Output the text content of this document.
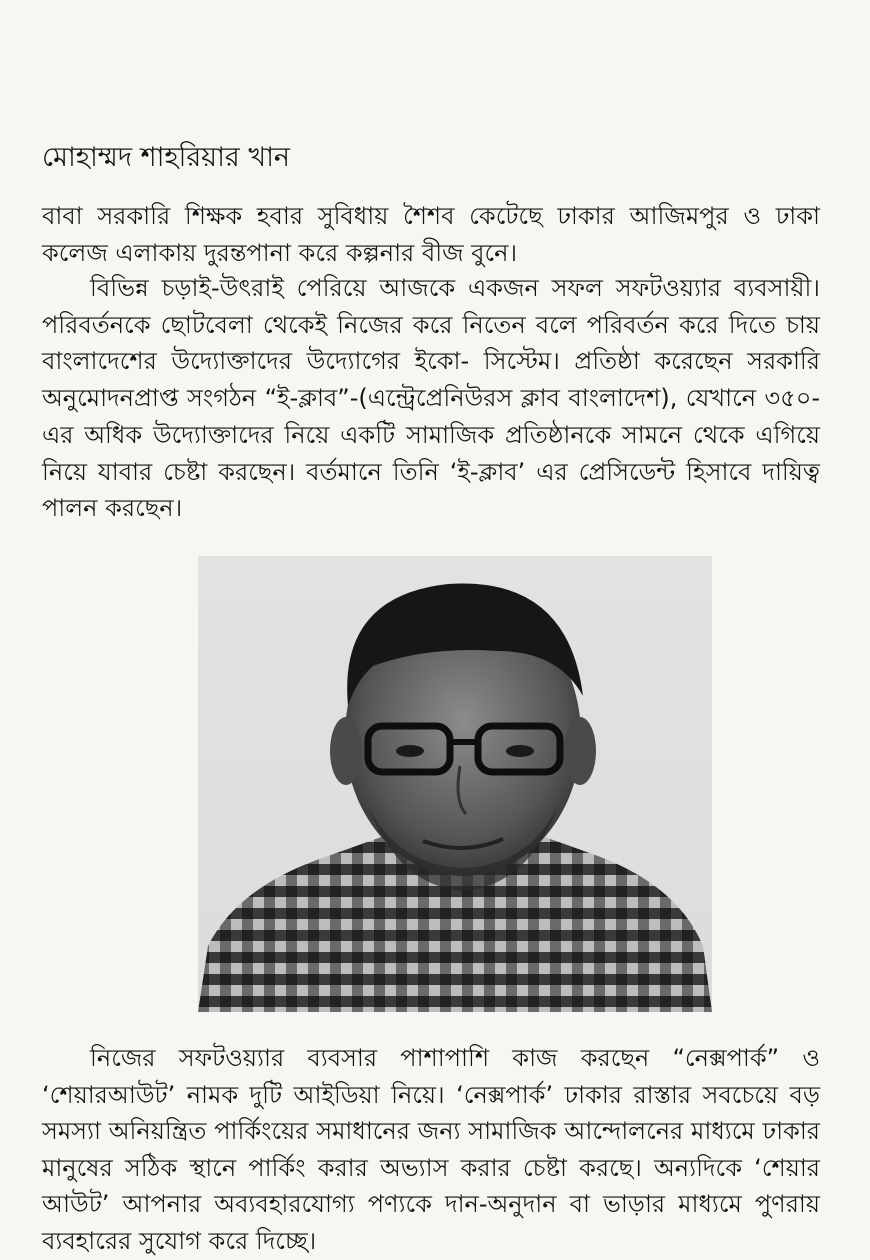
মোহাম্মদ শাহরিয়ার খান

বাবা সরকারি শিক্ষক হবার সুবিধায় শৈশব কেটেছে ঢাকার আজিমপুর ও ঢাকা কলেজ এলাকায় দুরন্তপানা করে কল্পনার বীজ বুনে।

বিভিন্ন চড়াই-উৎরাই পেরিয়ে আজকে একজন সফল সফটওয়্যার ব্যবসায়ী। পরিবর্তনকে ছোটবেলা থেকেই নিজের করে নিতেন বলে পরিবর্তন করে দিতে চায় বাংলাদেশের উদ্যোক্তাদের উদ্যোগের ইকো- সিস্টেম। প্রতিষ্ঠা করেছেন সরকারি অনুমোদনপ্রাপ্ত সংগঠন “ই-ক্লাব”-(এন্ট্রেপ্রেনিউরস ক্লাব বাংলাদেশ), যেখানে ৩৫০-এর অধিক উদ্যোক্তাদের নিয়ে একটি সামাজিক প্রতিষ্ঠানকে সামনে থেকে এগিয়ে নিয়ে যাবার চেষ্টা করছেন। বর্তমানে তিনি ‘ই-ক্লাব’ এর প্রেসিডেন্ট হিসাবে দায়িত্ব পালন করছেন।

নিজের সফটওয়্যার ব্যবসার পাশাপাশি কাজ করছেন “নেক্সপার্ক” ও ‘শেয়ারআউট’ নামক দুটি আইডিয়া নিয়ে। ‘নেক্সপার্ক’ ঢাকার রাস্তার সবচেয়ে বড় সমস্যা অনিয়ন্ত্রিত পার্কিংয়ের সমাধানের জন্য সামাজিক আন্দোলনের মাধ্যমে ঢাকার মানুষের সঠিক স্থানে পার্কিং করার অভ্যাস করার চেষ্টা করছে। অন্যদিকে ‘শেয়ার আউট’ আপনার অব্যবহারযোগ্য পণ্যকে দান-অনুদান বা ভাড়ার মাধ্যমে পুণরায় ব্যবহারের সুযোগ করে দিচ্ছে।
